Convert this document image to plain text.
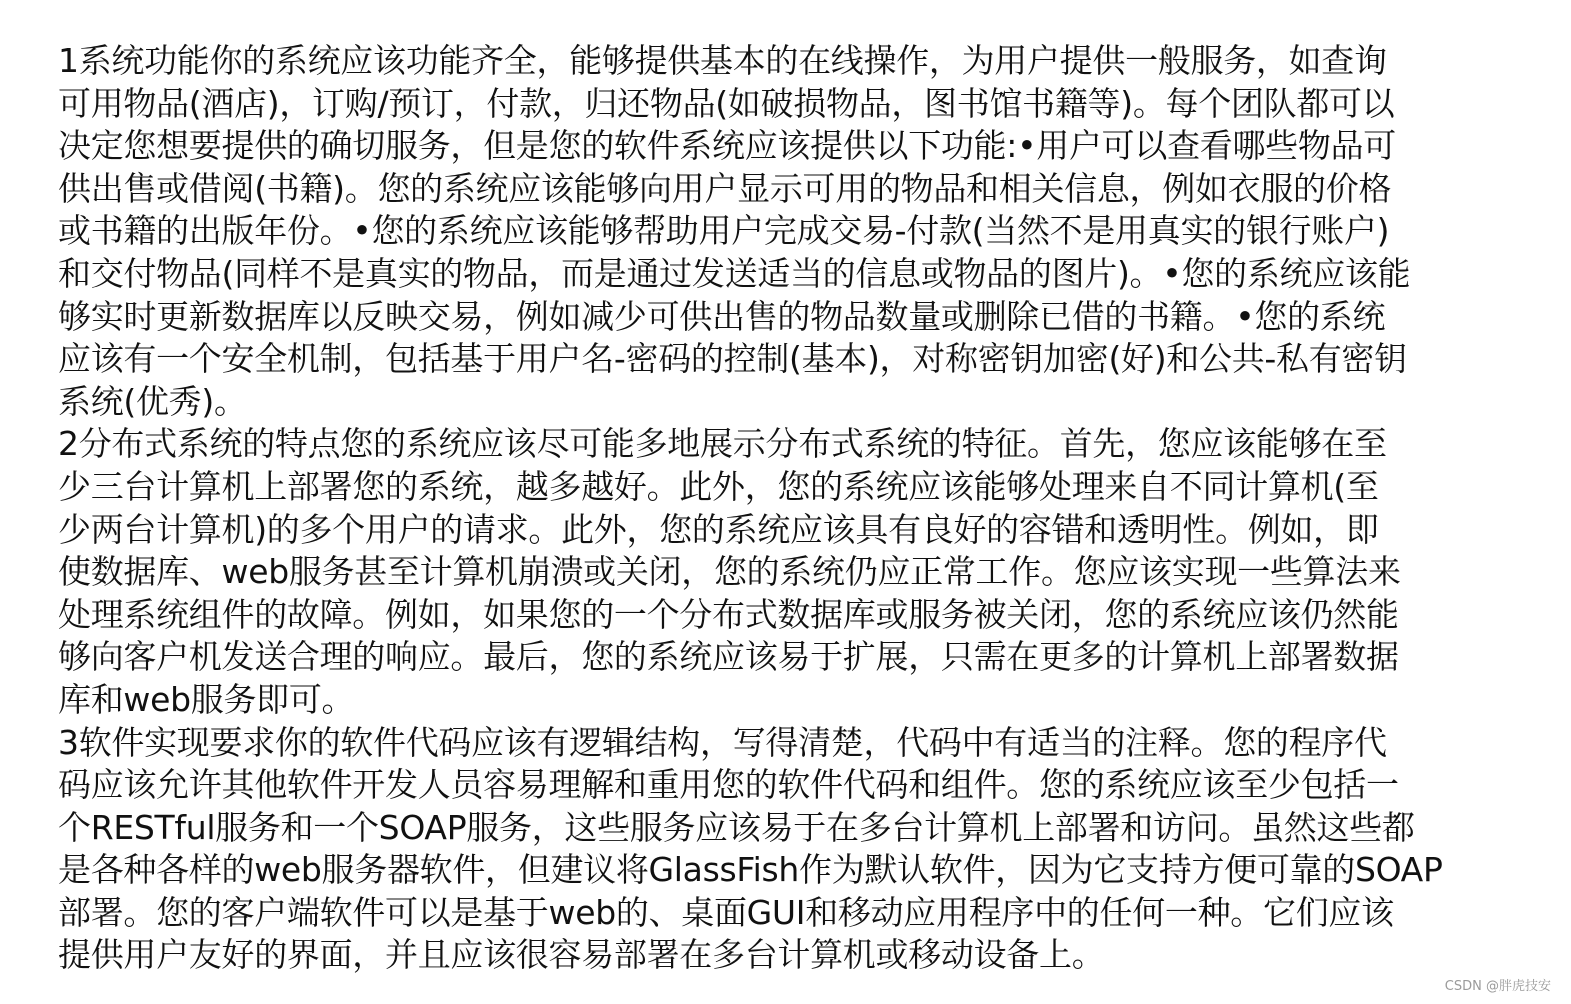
1系统功能你的系统应该功能齐全，能够提供基本的在线操作，为用户提供一般服务，如查询
可用物品(酒店)，订购/预订，付款，归还物品(如破损物品，图书馆书籍等)。每个团队都可以
决定您想要提供的确切服务，但是您的软件系统应该提供以下功能:•用户可以查看哪些物品可
供出售或借阅(书籍)。您的系统应该能够向用户显示可用的物品和相关信息，例如衣服的价格
或书籍的出版年份。•您的系统应该能够帮助用户完成交易-付款(当然不是用真实的银行账户)
和交付物品(同样不是真实的物品，而是通过发送适当的信息或物品的图片)。•您的系统应该能
够实时更新数据库以反映交易，例如减少可供出售的物品数量或删除已借的书籍。•您的系统
应该有一个安全机制，包括基于用户名-密码的控制(基本)，对称密钥加密(好)和公共-私有密钥
系统(优秀)。

2分布式系统的特点您的系统应该尽可能多地展示分布式系统的特征。首先，您应该能够在至
少三台计算机上部署您的系统，越多越好。此外，您的系统应该能够处理来自不同计算机(至
少两台计算机)的多个用户的请求。此外，您的系统应该具有良好的容错和透明性。例如，即
使数据库、web服务甚至计算机崩溃或关闭，您的系统仍应正常工作。您应该实现一些算法来
处理系统组件的故障。例如，如果您的一个分布式数据库或服务被关闭，您的系统应该仍然能
够向客户机发送合理的响应。最后，您的系统应该易于扩展，只需在更多的计算机上部署数据
库和web服务即可。

3软件实现要求你的软件代码应该有逻辑结构，写得清楚，代码中有适当的注释。您的程序代
码应该允许其他软件开发人员容易理解和重用您的软件代码和组件。您的系统应该至少包括一
个RESTful服务和一个SOAP服务，这些服务应该易于在多台计算机上部署和访问。虽然这些都
是各种各样的web服务器软件，但建议将GlassFish作为默认软件，因为它支持方便可靠的SOAP
部署。您的客户端软件可以是基于web的、桌面GUI和移动应用程序中的任何一种。它们应该
提供用户友好的界面，并且应该很容易部署在多台计算机或移动设备上。

CSDN @胖虎技安
